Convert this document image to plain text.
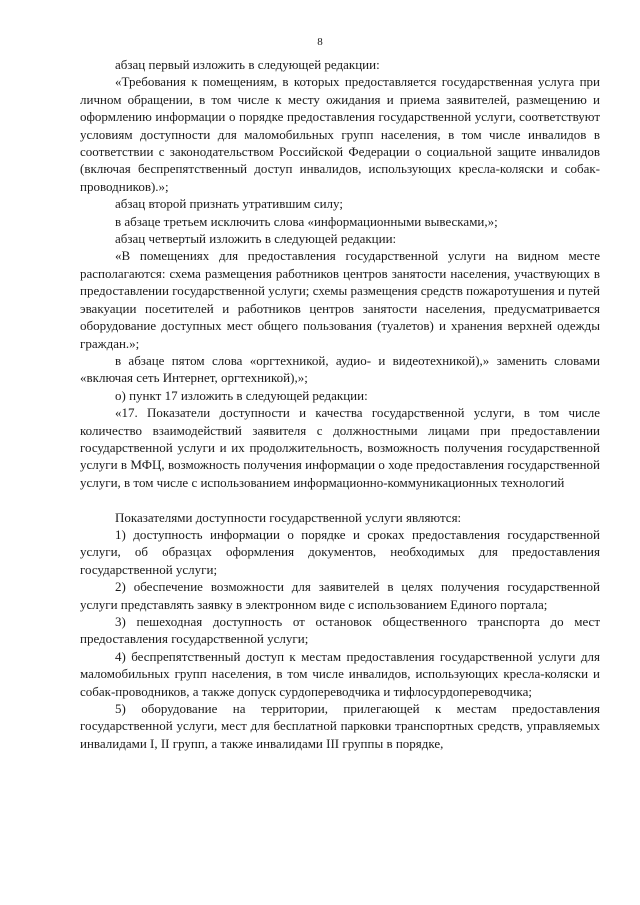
8

абзац первый изложить в следующей редакции:

«Требования к помещениям, в которых предоставляется государственная услуга при личном обращении, в том числе к месту ожидания и приема заявителей, размещению и оформлению информации о порядке предоставления государственной услуги, соответствуют условиям доступности для маломобильных групп населения, в том числе инвалидов в соответствии с законодательством Российской Федерации о социальной защите инвалидов (включая беспрепятственный доступ инвалидов, использующих кресла-коляски и собак-проводников).»;

абзац второй признать утратившим силу;

в абзаце третьем исключить слова «информационными вывесками,»;

абзац четвертый изложить в следующей редакции:

«В помещениях для предоставления государственной услуги на видном месте располагаются: схема размещения работников центров занятости населения, участвующих в предоставлении государственной услуги; схемы размещения средств пожаротушения и путей эвакуации посетителей и работников центров занятости населения, предусматривается оборудование доступных мест общего пользования (туалетов) и хранения верхней одежды граждан.»;

в абзаце пятом слова «оргтехникой, аудио- и видеотехникой),» заменить словами «включая сеть Интернет, оргтехникой),»;

о) пункт 17 изложить в следующей редакции:

«17. Показатели доступности и качества государственной услуги, в том числе количество взаимодействий заявителя с должностными лицами при предоставлении государственной услуги и их продолжительность, возможность получения государственной услуги в МФЦ, возможность получения информации о ходе предоставления государственной услуги, в том числе с использованием информационно-коммуникационных технологий

Показателями доступности государственной услуги являются:

1) доступность информации о порядке и сроках предоставления государственной услуги, об образцах оформления документов, необходимых для предоставления государственной услуги;

2) обеспечение возможности для заявителей в целях получения государственной услуги представлять заявку в электронном виде с использованием Единого портала;

3) пешеходная доступность от остановок общественного транспорта до мест предоставления государственной услуги;

4) беспрепятственный доступ к местам предоставления государственной услуги для маломобильных групп населения, в том числе инвалидов, использующих кресла-коляски и собак-проводников, а также допуск сурдопереводчика и тифлосурдопереводчика;

5) оборудование на территории, прилегающей к местам предоставления государственной услуги, мест для бесплатной парковки транспортных средств, управляемых инвалидами I, II групп, а также инвалидами III группы в порядке,
